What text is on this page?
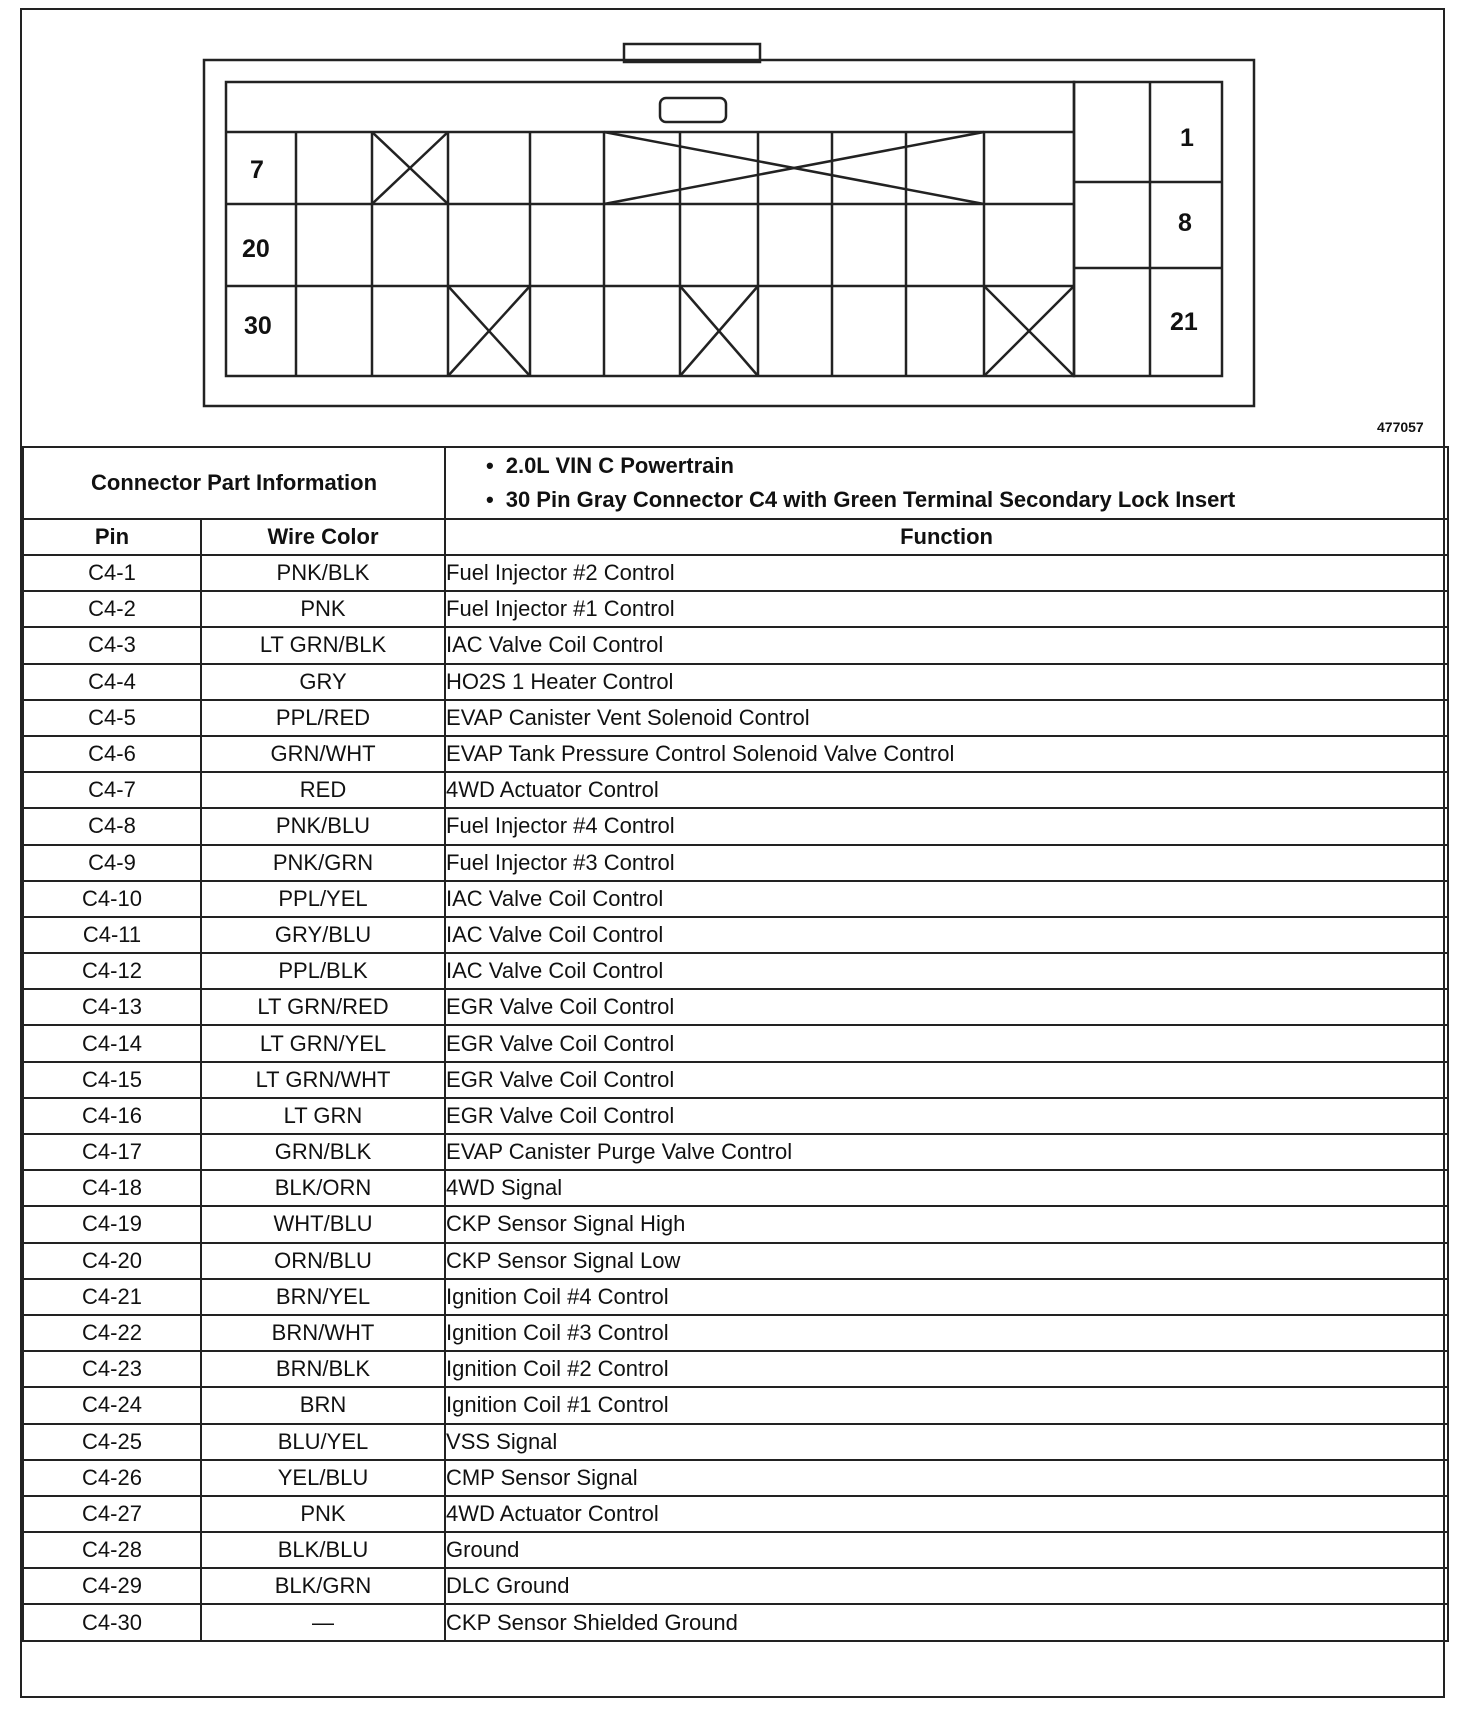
7
20
30
1
8
21
477057
Connector Part Information		• 2.0L VIN C Powertrain
• 30 Pin Gray Connector C4 with Green Terminal Secondary Lock Insert

Pin	Wire Color	Function
C4-1	PNK/BLK	Fuel Injector #2 Control
C4-2	PNK	Fuel Injector #1 Control
C4-3	LT GRN/BLK	IAC Valve Coil Control
C4-4	GRY	HO2S 1 Heater Control
C4-5	PPL/RED	EVAP Canister Vent Solenoid Control
C4-6	GRN/WHT	EVAP Tank Pressure Control Solenoid Valve Control
C4-7	RED	4WD Actuator Control
C4-8	PNK/BLU	Fuel Injector #4 Control
C4-9	PNK/GRN	Fuel Injector #3 Control
C4-10	PPL/YEL	IAC Valve Coil Control
C4-11	GRY/BLU	IAC Valve Coil Control
C4-12	PPL/BLK	IAC Valve Coil Control
C4-13	LT GRN/RED	EGR Valve Coil Control
C4-14	LT GRN/YEL	EGR Valve Coil Control
C4-15	LT GRN/WHT	EGR Valve Coil Control
C4-16	LT GRN	EGR Valve Coil Control
C4-17	GRN/BLK	EVAP Canister Purge Valve Control
C4-18	BLK/ORN	4WD Signal
C4-19	WHT/BLU	CKP Sensor Signal High
C4-20	ORN/BLU	CKP Sensor Signal Low
C4-21	BRN/YEL	Ignition Coil #4 Control
C4-22	BRN/WHT	Ignition Coil #3 Control
C4-23	BRN/BLK	Ignition Coil #2 Control
C4-24	BRN	Ignition Coil #1 Control
C4-25	BLU/YEL	VSS Signal
C4-26	YEL/BLU	CMP Sensor Signal
C4-27	PNK	4WD Actuator Control
C4-28	BLK/BLU	Ground
C4-29	BLK/GRN	DLC Ground
C4-30	—	CKP Sensor Shielded Ground
